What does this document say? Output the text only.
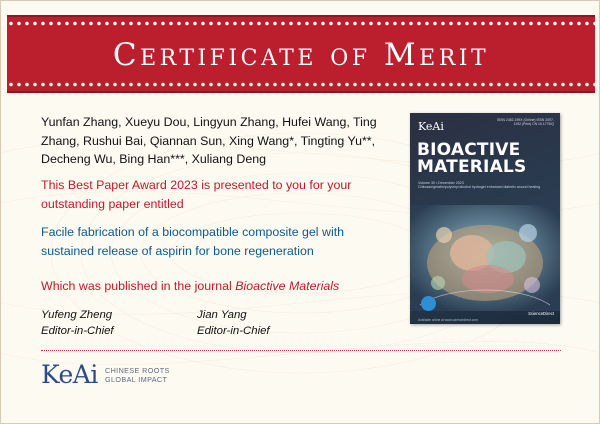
Certificate of Merit
Yunfan Zhang, Xueyu Dou, Lingyun Zhang, Hufei Wang, Ting Zhang, Rushui Bai, Qiannan Sun, Xing Wang*, Tingting Yu**, Decheng Wu, Bing Han***, Xuliang Deng
This Best Paper Award 2023 is presented to you for your outstanding paper entitled
Facile fabrication of a biocompatible composite gel with sustained release of aspirin for bone regeneration
Which was published in the journal Bioactive Materials
Yufeng Zheng
Editor-in-Chief
Jian Yang
Editor-in-Chief
KeAi CHINESE ROOTS
GLOBAL IMPACT
KeAi	ISSN 2452-199X (Online) ISSN 2097-1192 (Print) CN 10-1775/Q
BIOACTIVE
MATERIALS
Volume 30 • December 2023
Chitosan/gelatin/polyvinyl alcohol hydrogel enhanced diabetic wound healing
ScienceDirect
Available online at www.sciencedirect.com
